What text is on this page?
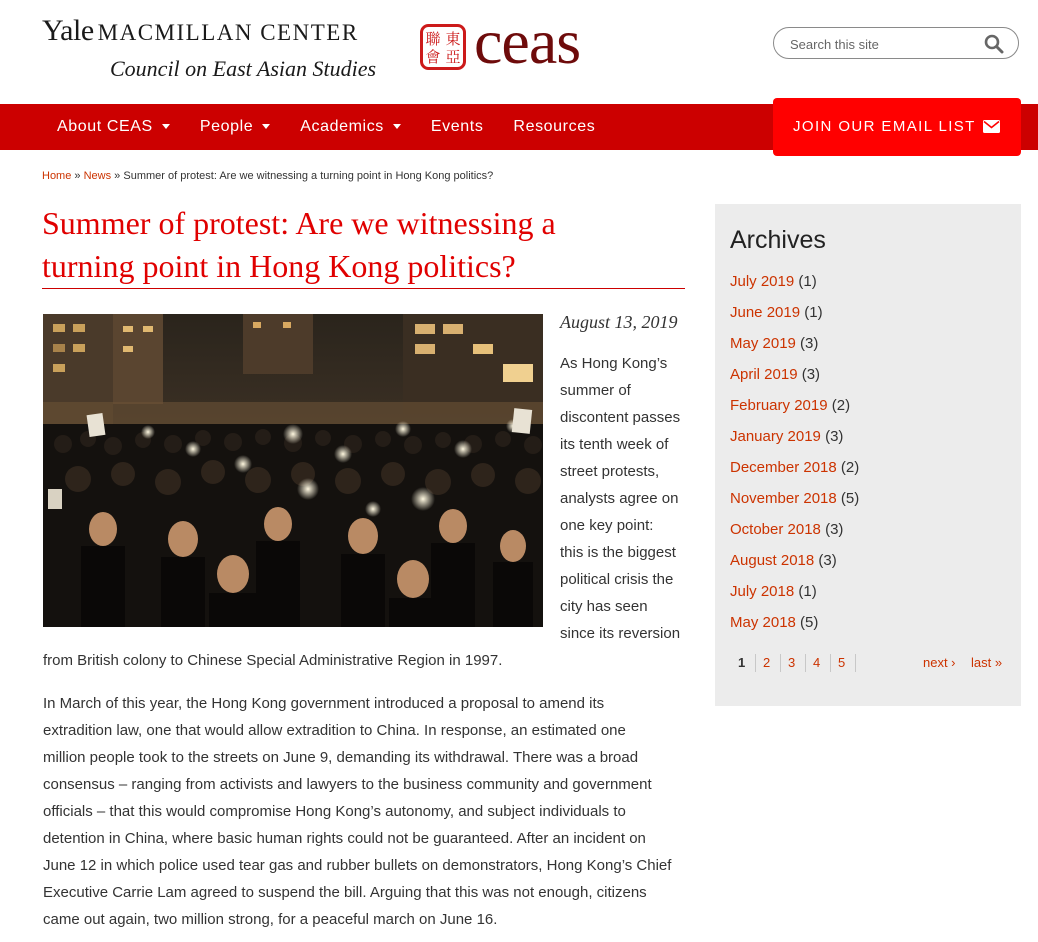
Yale MACMILLAN CENTER
Council on East Asian Studies
東
亞
聯
會 ceas
Search this site
About CEAS	People	Academics	Events	Resources	JOIN OUR EMAIL LIST
Home » News » Summer of protest: Are we witnessing a turning point in Hong Kong politics?
Summer of protest: Are we witnessing a
turning point in Hong Kong politics?
August 13, 2019
As Hong Kong’s
summer of
discontent passes
its tenth week of
street protests,
analysts agree on
one key point:
this is the biggest
political crisis the
city has seen
since its reversion
from British colony to Chinese Special Administrative Region in 1997.
In March of this year, the Hong Kong government introduced a proposal to amend its
extradition law, one that would allow extradition to China. In response, an estimated one
million people took to the streets on June 9, demanding its withdrawal. There was a broad
consensus – ranging from activists and lawyers to the business community and government
officials – that this would compromise Hong Kong’s autonomy, and subject individuals to
detention in China, where basic human rights could not be guaranteed. After an incident on
June 12 in which police used tear gas and rubber bullets on demonstrators, Hong Kong’s Chief
Executive Carrie Lam agreed to suspend the bill. Arguing that this was not enough, citizens
came out again, two million strong, for a peaceful march on June 16.
Archives
July 2019 (1)
June 2019 (1)
May 2019 (3)
April 2019 (3)
February 2019 (2)
January 2019 (3)
December 2018 (2)
November 2018 (5)
October 2018 (3)
August 2018 (3)
July 2018 (1)
May 2018 (5)
1 2 3 4 5	next › last »
